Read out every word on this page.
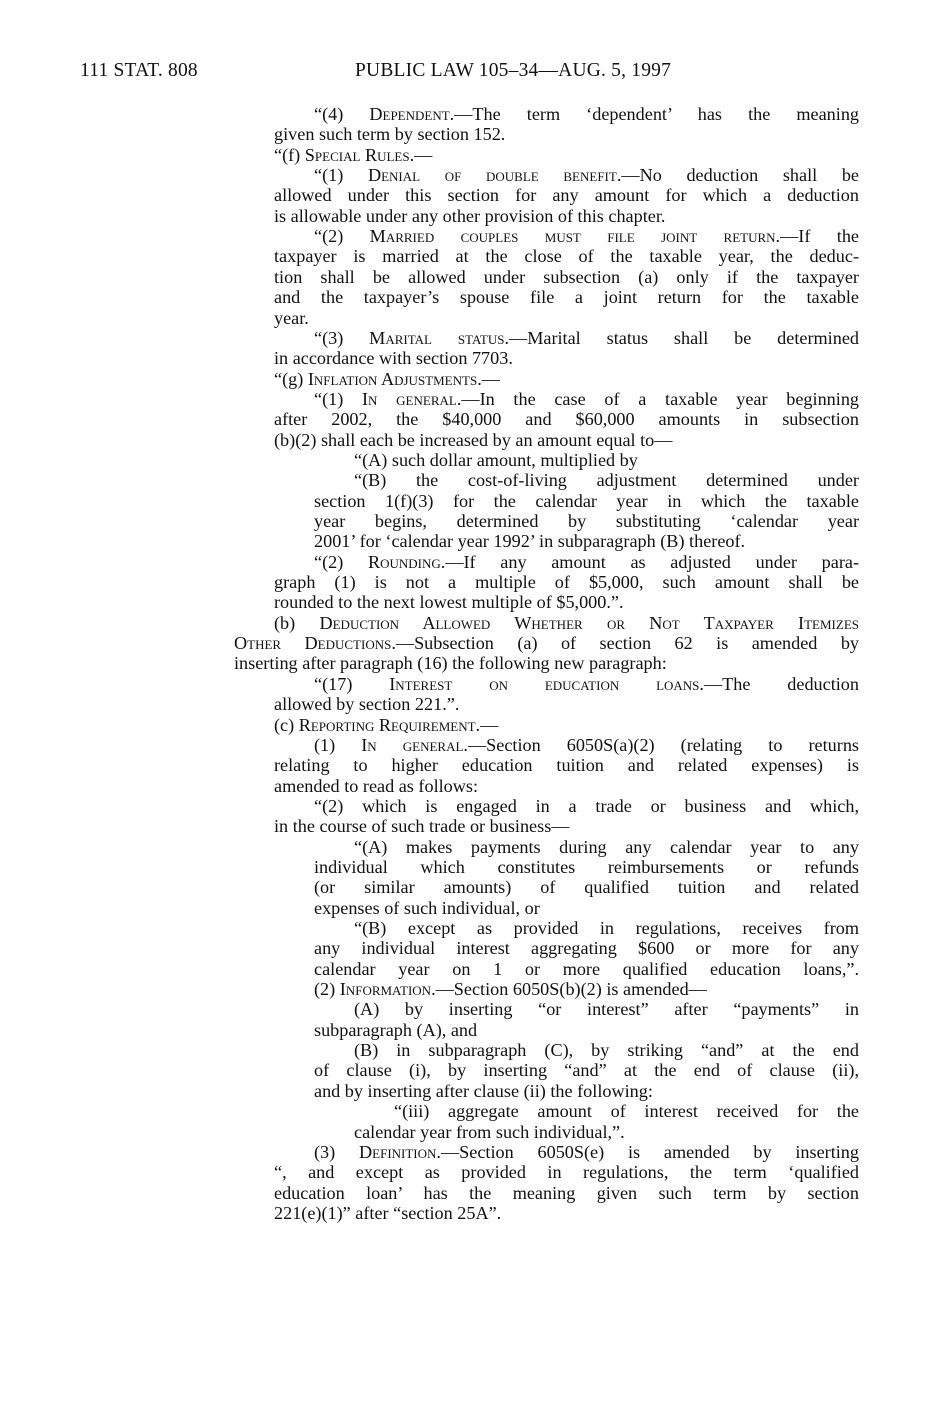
111 STAT. 808	PUBLIC LAW 105–34—AUG. 5, 1997
“(4) Dependent.—The term ‘dependent’ has the meaning
given such term by section 152.
“(f) Special Rules.—
“(1) Denial of double benefit.—No deduction shall be
allowed under this section for any amount for which a deduction
is allowable under any other provision of this chapter.
“(2) Married couples must file joint return.—If the
taxpayer is married at the close of the taxable year, the deduc-
tion shall be allowed under subsection (a) only if the taxpayer
and the taxpayer’s spouse file a joint return for the taxable
year.
“(3) Marital status.—Marital status shall be determined
in accordance with section 7703.
“(g) Inflation Adjustments.—
“(1) In general.—In the case of a taxable year beginning
after 2002, the $40,000 and $60,000 amounts in subsection
(b)(2) shall each be increased by an amount equal to—
“(A) such dollar amount, multiplied by
“(B) the cost-of-living adjustment determined under
section 1(f)(3) for the calendar year in which the taxable
year begins, determined by substituting ‘calendar year
2001’ for ‘calendar year 1992’ in subparagraph (B) thereof.
“(2) Rounding.—If any amount as adjusted under para-
graph (1) is not a multiple of $5,000, such amount shall be
rounded to the next lowest multiple of $5,000.”.
(b) Deduction Allowed Whether or Not Taxpayer Itemizes
Other Deductions.—Subsection (a) of section 62 is amended by
inserting after paragraph (16) the following new paragraph:
“(17) Interest on education loans.—The deduction
allowed by section 221.”.
(c) Reporting Requirement.—
(1) In general.—Section 6050S(a)(2) (relating to returns
relating to higher education tuition and related expenses) is
amended to read as follows:
“(2) which is engaged in a trade or business and which,
in the course of such trade or business—
“(A) makes payments during any calendar year to any
individual which constitutes reimbursements or refunds
(or similar amounts) of qualified tuition and related
expenses of such individual, or
“(B) except as provided in regulations, receives from
any individual interest aggregating $600 or more for any
calendar year on 1 or more qualified education loans,”.
(2) Information.—Section 6050S(b)(2) is amended—
(A) by inserting “or interest” after “payments” in
subparagraph (A), and
(B) in subparagraph (C), by striking “and” at the end
of clause (i), by inserting “and” at the end of clause (ii),
and by inserting after clause (ii) the following:
“(iii) aggregate amount of interest received for the
calendar year from such individual,”.
(3) Definition.—Section 6050S(e) is amended by inserting
“, and except as provided in regulations, the term ‘qualified
education loan’ has the meaning given such term by section
221(e)(1)” after “section 25A”.
